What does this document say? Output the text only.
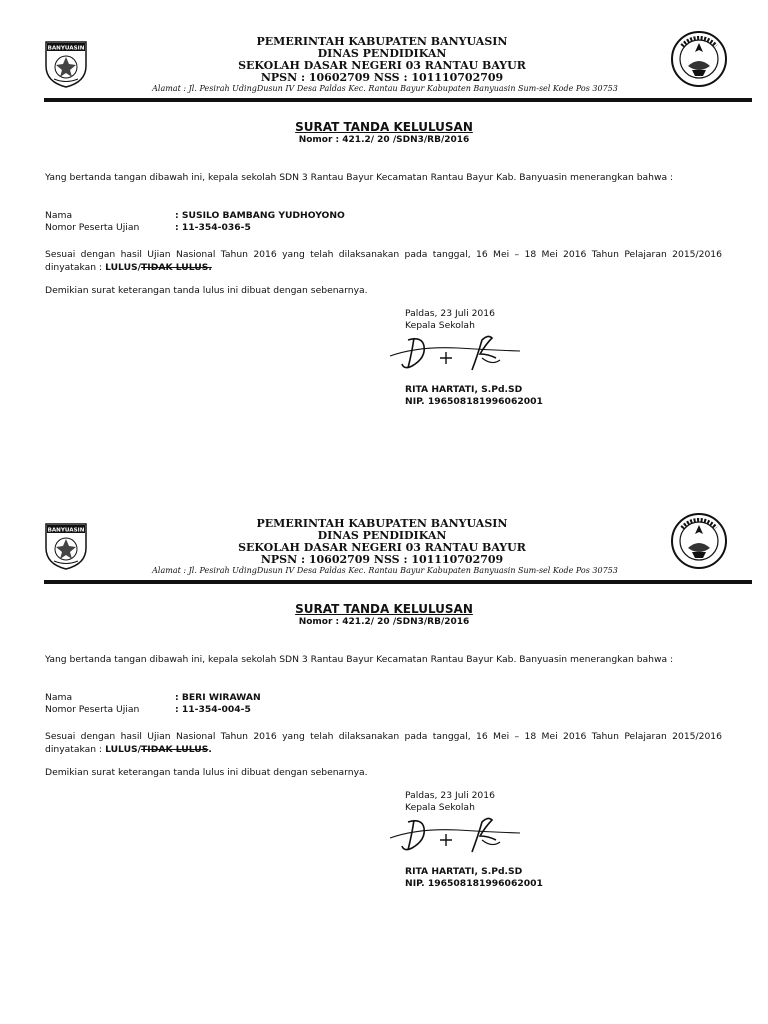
BANYUASIN
PEMERINTAH KABUPATEN BANYUASIN
DINAS PENDIDIKAN
SEKOLAH DASAR NEGERI 03 RANTAU BAYUR
NPSN : 10602709 NSS : 101110702709
Alamat : Jl. Pesirah UdingDusun IV Desa Paldas Kec. Rantau Bayur Kabupaten Banyuasin Sum-sel Kode Pos 30753
SURAT TANDA KELULUSAN
Nomor : 421.2/ 20 /SDN3/RB/2016
Yang bertanda tangan dibawah ini, kepala sekolah SDN 3 Rantau Bayur Kecamatan Rantau Bayur Kab. Banyuasin menerangkan bahwa :
Nama	: SUSILO BAMBANG YUDHOYONO
Nomor Peserta Ujian	: 11-354-036-5
Sesuai dengan hasil Ujian Nasional Tahun 2016 yang telah dilaksanakan pada tanggal, 16 Mei – 18 Mei 2016 Tahun Pelajaran 2015/2016 dinyatakan : LULUS/TIDAK LULUS.
Demikian surat keterangan tanda lulus ini dibuat dengan sebenarnya.
Paldas, 23 Juli 2016
Kepala Sekolah
RITA HARTATI, S.Pd.SD
NIP. 196508181996062001
BANYUASIN
PEMERINTAH KABUPATEN BANYUASIN
DINAS PENDIDIKAN
SEKOLAH DASAR NEGERI 03 RANTAU BAYUR
NPSN : 10602709 NSS : 101110702709
Alamat : Jl. Pesirah UdingDusun IV Desa Paldas Kec. Rantau Bayur Kabupaten Banyuasin Sum-sel Kode Pos 30753
SURAT TANDA KELULUSAN
Nomor : 421.2/ 20 /SDN3/RB/2016
Yang bertanda tangan dibawah ini, kepala sekolah SDN 3 Rantau Bayur Kecamatan Rantau Bayur Kab. Banyuasin menerangkan bahwa :
Nama	: BERI WIRAWAN
Nomor Peserta Ujian	: 11-354-004-5
Sesuai dengan hasil Ujian Nasional Tahun 2016 yang telah dilaksanakan pada tanggal, 16 Mei – 18 Mei 2016 Tahun Pelajaran 2015/2016 dinyatakan : LULUS/TIDAK LULUS.
Demikian surat keterangan tanda lulus ini dibuat dengan sebenarnya.
Paldas, 23 Juli 2016
Kepala Sekolah
RITA HARTATI, S.Pd.SD
NIP. 196508181996062001
